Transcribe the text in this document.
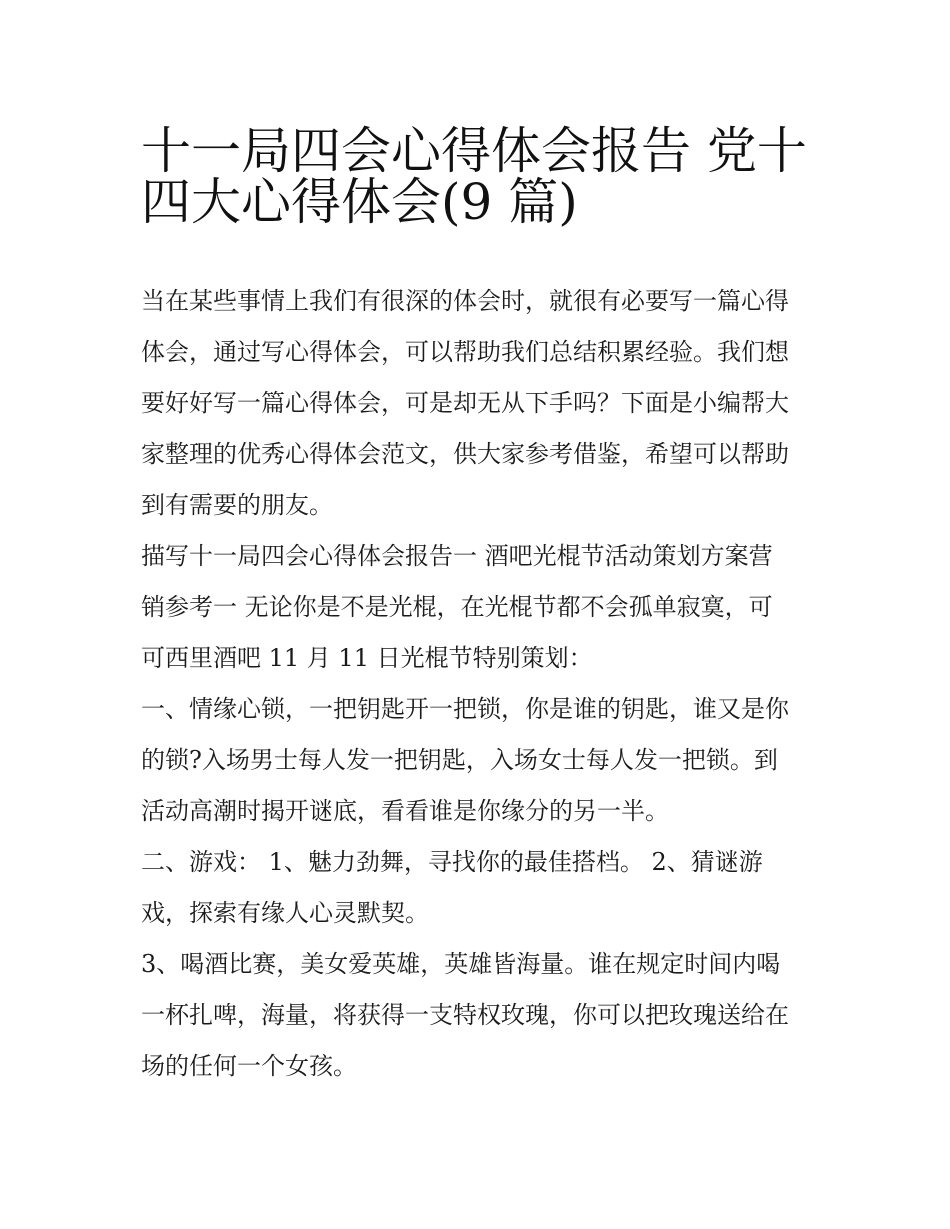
十一局四会心得体会报告 党十
四大心得体会(9 篇)
当在某些事情上我们有很深的体会时，就很有必要写一篇心得
体会，通过写心得体会，可以帮助我们总结积累经验。我们想
要好好写一篇心得体会，可是却无从下手吗？下面是小编帮大
家整理的优秀心得体会范文，供大家参考借鉴，希望可以帮助
到有需要的朋友。
描写十一局四会心得体会报告一 酒吧光棍节活动策划方案营
销参考一 无论你是不是光棍，在光棍节都不会孤单寂寞，可
可西里酒吧 11 月 11 日光棍节特别策划：
一、情缘心锁，一把钥匙开一把锁，你是谁的钥匙，谁又是你
的锁?入场男士每人发一把钥匙，入场女士每人发一把锁。到
活动高潮时揭开谜底，看看谁是你缘分的另一半。
二、游戏： 1、魅力劲舞，寻找你的最佳搭档。 2、猜谜游
戏，探索有缘人心灵默契。
3、喝酒比赛，美女爱英雄，英雄皆海量。谁在规定时间内喝
一杯扎啤，海量，将获得一支特权玫瑰，你可以把玫瑰送给在
场的任何一个女孩。
